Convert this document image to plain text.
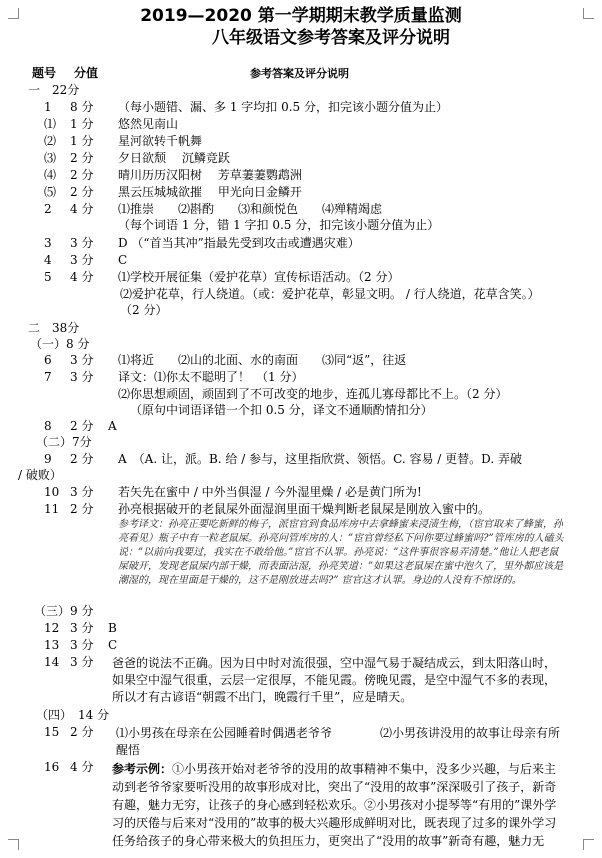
2019—2020 第一学期期末教学质量监测
八年级语文参考答案及评分说明
题号 分值	参考答案及评分说明
一　22分
1 8 分 （每小题错、漏、多 1 字均扣 0.5 分，扣完该小题分值为止）
⑴ 1 分 悠然见南山
⑵ 1 分 星河欲转千帆舞
⑶ 2 分 夕日欲颓　 沉鳞竞跃
⑷ 2 分 晴川历历汉阳树　 芳草萋萋鹦鹉洲
⑸ 2 分 黑云压城城欲摧　 甲光向日金鳞开
2 4 分 ⑴推崇　　⑵斟酌　　⑶和颜悦色　　⑷殚精竭虑
（每个词语 1 分，错 1 字扣 0.5 分，扣完该小题分值为止）
3 3 分 D （“首当其冲”指最先受到攻击或遭遇灾难）
4 3 分 C
5 4 分 ⑴学校开展征集（爱护花草）宣传标语活动。（2 分）
⑵爱护花草，行人绕道。（或：爱护花草，彰显文明。 / 行人绕道，花草含笑。）
（2 分）
二　38分
（一）8 分
6 3 分 ⑴将近　　⑵山的北面、水的南面　　⑶同“返”，往返
7 3 分 译文：⑴你太不聪明了！　（1 分）
⑵你思想顽固，顽固到了不可改变的地步，连孤儿寡母都比不上。（2 分）
（原句中词语译错一个扣 0.5 分，译文不通顺酌情扣分）
8 2 分 A
（二）7分
9 2 分 A　（A. 让，派。B. 给 / 参与，这里指欣赏、领悟。C. 容易 / 更替。D. 弄破
/ 破败）
10 3 分 若矢先在蜜中 / 中外当俱湿 / 今外湿里燥 / 必是黄门所为!
11 2 分 孙亮根据破开的老鼠屎外面湿润里面干燥判断老鼠屎是刚放入蜜中的。
参考译文：孙亮正要吃新鲜的梅子，派宦官到食品库房中去拿蜂蜜来浸渍生梅，（宦官取来了蜂蜜，孙亮看见）瓶子中有一粒老鼠屎。孙亮问管库房的人：”宦官曾经私下问你要过蜂蜜吗?”管库房的人磕头说：”以前向我要过，我实在不敢给他。”宦官不认罪。孙亮说：”这件事很容易弄清楚。”他让人把老鼠屎破开，发现老鼠屎内部干燥，而表面沾湿，孙亮笑道：”如果这老鼠屎在蜜中泡久了，里外都应该是潮湿的，现在里面是干燥的，这不是刚放进去吗?” 宦官这才认罪。身边的人没有不惊讶的。
（三）9 分
12 3 分 B
13 3 分 C
14 3 分 爸爸的说法不正确。因为日中时对流很强，空中湿气易于凝结成云，到太阳落山时，如果空中湿气很重，云层一定很厚，不能见霞。傍晚见霞，是空中湿气不多的表现，所以才有古谚语“朝霞不出门，晚霞行千里”，应是晴天。
（四）　14 分
15 2 分 ⑴小男孩在母亲在公园睡着时偶遇老爷爷　　　　⑵小男孩讲没用的故事让母亲有所醒悟
16 4 分 参考示例：①小男孩开始对老爷爷的没用的故事精神不集中，没多少兴趣，与后来主动到老爷爷家要听没用的故事形成对比，突出了“没用的故事”深深吸引了孩子，新奇有趣，魅力无穷，让孩子的身心感到轻松欢乐。②小男孩对小提琴等“有用的”课外学习的厌倦与后来对“没用的”故事的极大兴趣形成鲜明对比，既表现了过多的课外学习任务给孩子的身心带来极大的负担压力，更突出了“没用的故事”新奇有趣，魅力无
